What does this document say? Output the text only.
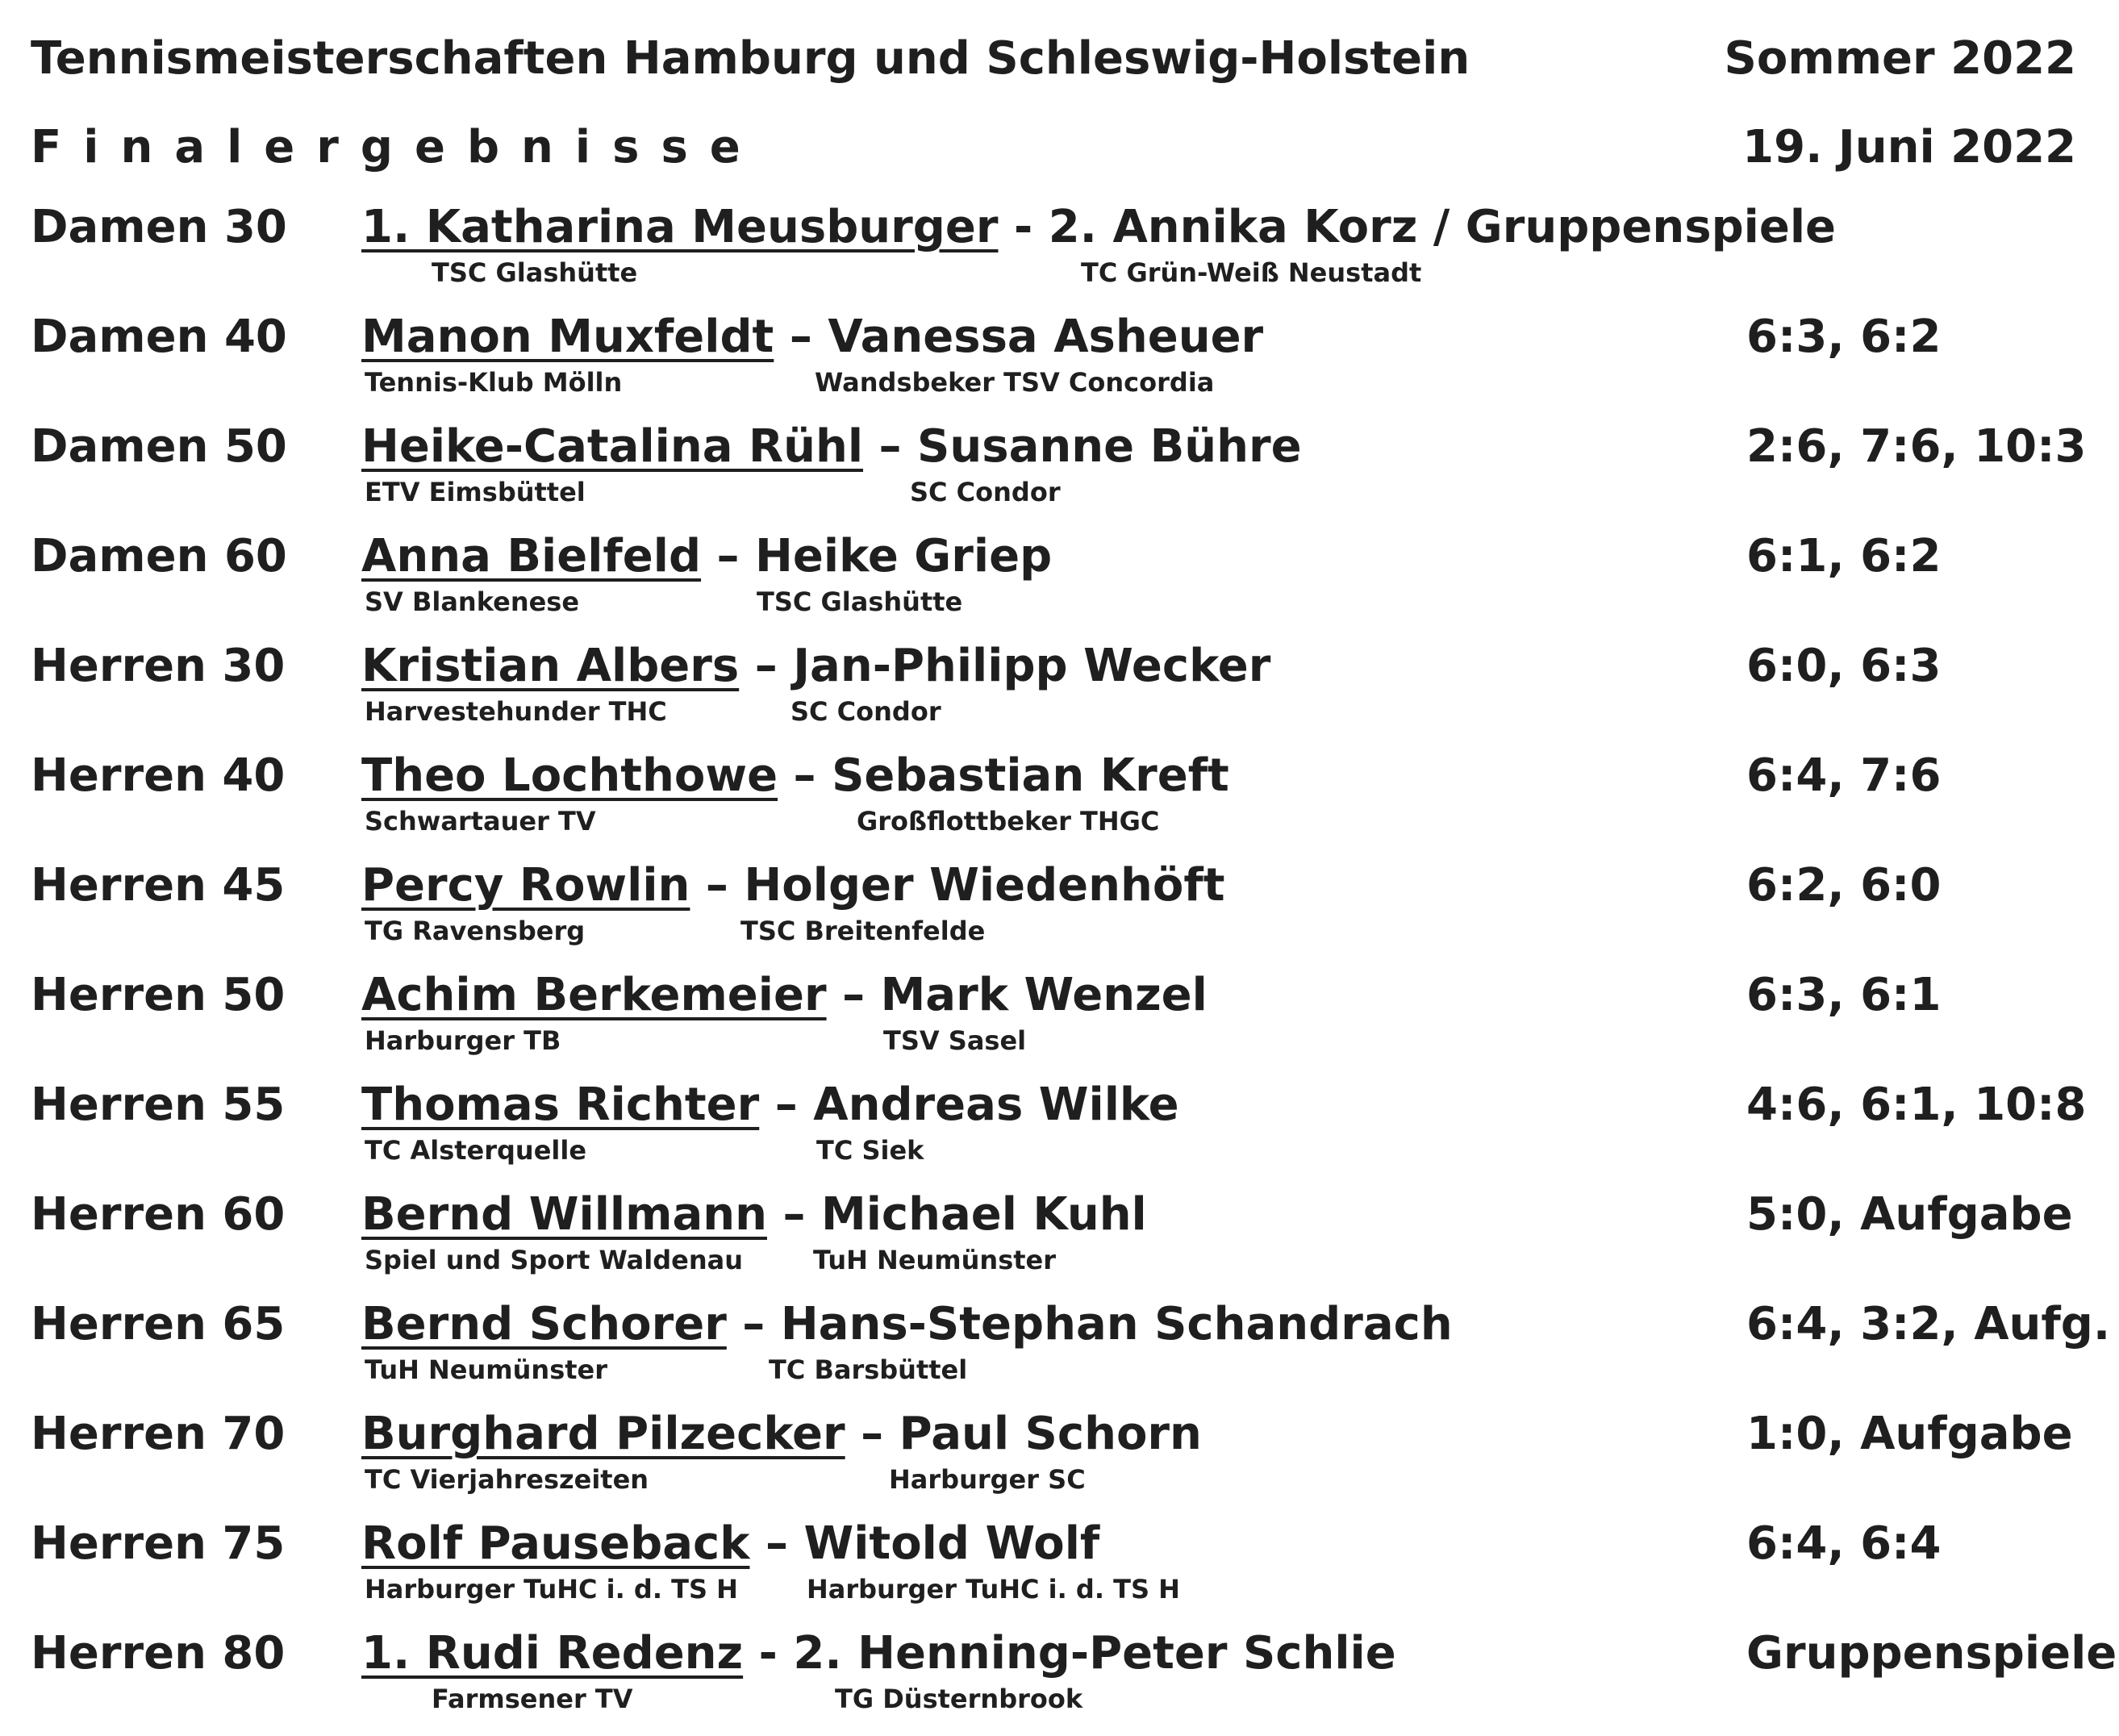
Tennismeisterschaften Hamburg und Schleswig-Holstein	Sommer 2022
Finalergebnisse	19. Juni 2022
Damen 30 1. Katharina Meusburger - 2. Annika Korz / Gruppenspiele
TSC Glashütte	TC Grün-Weiß Neustadt
Damen 40 Manon Muxfeldt – Vanessa Asheuer	6:3, 6:2
Tennis-Klub Mölln	Wandsbeker TSV Concordia
Damen 50 Heike-Catalina Rühl – Susanne Bühre	2:6, 7:6, 10:3
ETV Eimsbüttel	SC Condor
Damen 60 Anna Bielfeld – Heike Griep	6:1, 6:2
SV Blankenese	TSC Glashütte
Herren 30 Kristian Albers – Jan-Philipp Wecker	6:0, 6:3
Harvestehunder THC	SC Condor
Herren 40 Theo Lochthowe – Sebastian Kreft	6:4, 7:6
Schwartauer TV	Großflottbeker THGC
Herren 45 Percy Rowlin – Holger Wiedenhöft	6:2, 6:0
TG Ravensberg	TSC Breitenfelde
Herren 50 Achim Berkemeier – Mark Wenzel	6:3, 6:1
Harburger TB	TSV Sasel
Herren 55 Thomas Richter – Andreas Wilke	4:6, 6:1, 10:8
TC Alsterquelle	TC Siek
Herren 60 Bernd Willmann – Michael Kuhl	5:0, Aufgabe
Spiel und Sport Waldenau	TuH Neumünster
Herren 65 Bernd Schorer – Hans-Stephan Schandrach	6:4, 3:2, Aufg.
TuH Neumünster	TC Barsbüttel
Herren 70 Burghard Pilzecker – Paul Schorn	1:0, Aufgabe
TC Vierjahreszeiten	Harburger SC
Herren 75 Rolf Pauseback – Witold Wolf	6:4, 6:4
Harburger TuHC i. d. TS H	Harburger TuHC i. d. TS H
Herren 80 1. Rudi Redenz - 2. Henning-Peter Schlie	Gruppenspiele
Farmsener TV	TG Düsternbrook
